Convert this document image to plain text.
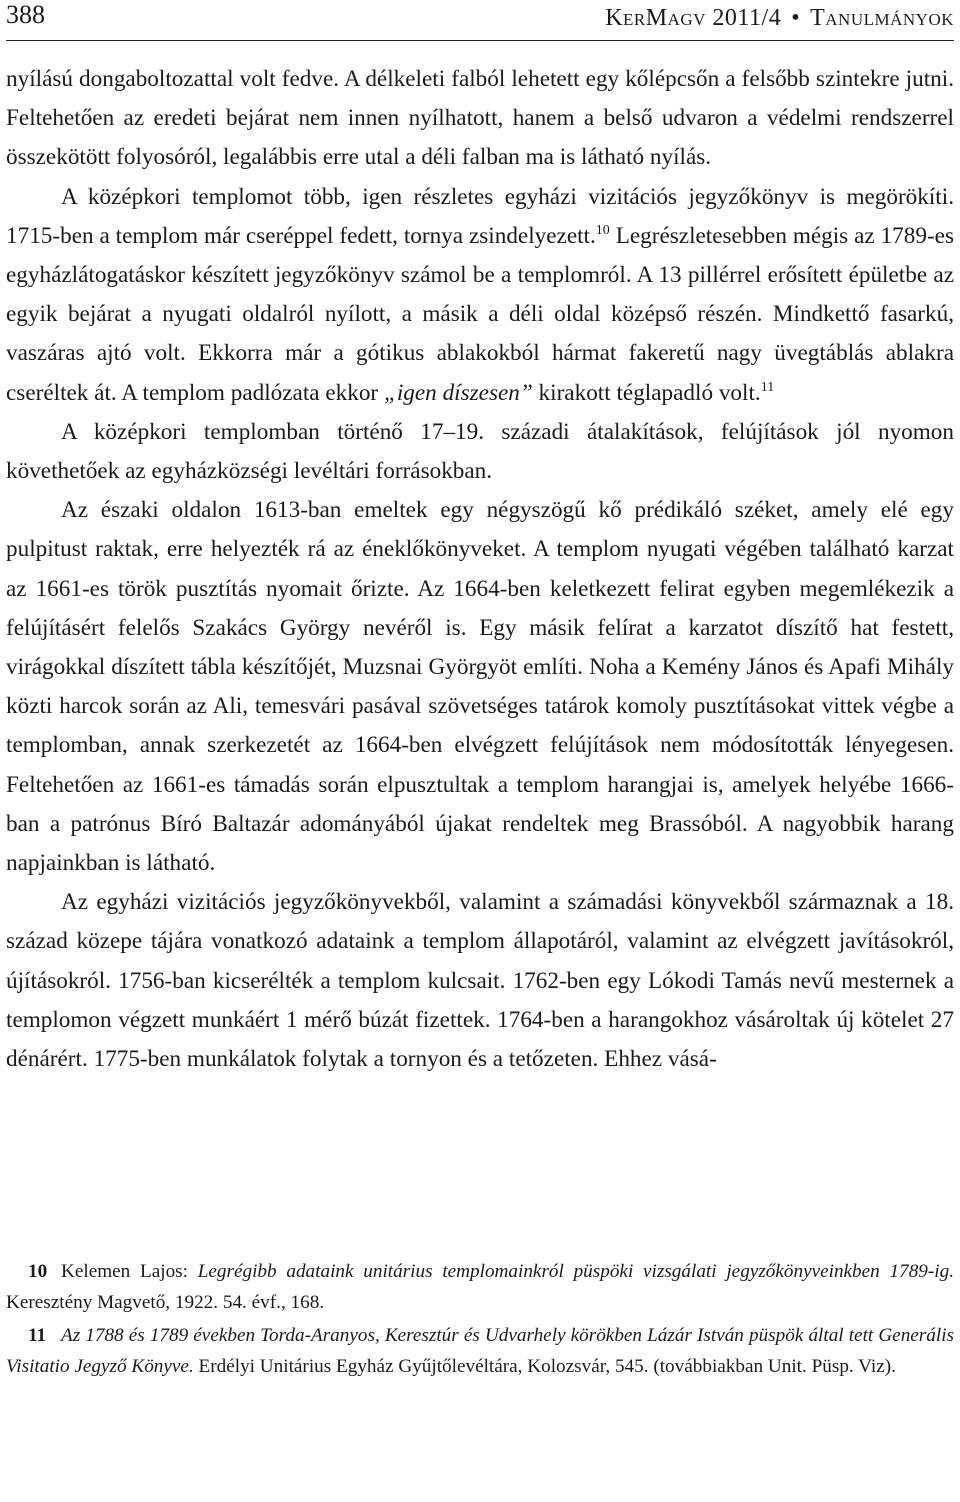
388	KerMagv 2011/4 • Tanulmányok

nyílású dongaboltozattal volt fedve. A délkeleti falból lehetett egy kőlépcsőn a felsőbb szintekre jutni. Feltehetően az eredeti bejárat nem innen nyílhatott, hanem a belső udvaron a védelmi rendszerrel összekötött folyosóról, legalábbis erre utal a déli falban ma is látható nyílás.

A középkori templomot több, igen részletes egyházi vizitációs jegyzőkönyv is megörökíti. 1715-ben a templom már cseréppel fedett, tornya zsindelyezett.$^{10}$ Legrészletesebben mégis az 1789-es egyházlátogatáskor készített jegyzőkönyv számol be a templomról. A 13 pillérrel erősített épületbe az egyik bejárat a nyugati oldalról nyílott, a másik a déli oldal középső részén. Mindkettő fasarkú, vaszáras ajtó volt. Ekkorra már a gótikus ablakokból hármat fakeretű nagy üvegtáblás ablakra cseréltek át. A templom padlózata ekkor „igen díszesen” kirakott téglapadló volt.$^{11}$

A középkori templomban történő 17–19. századi átalakítások, felújítások jól nyomon követhetőek az egyházközségi levéltári forrásokban.

Az északi oldalon 1613-ban emeltek egy négyszögű kő prédikáló széket, amely elé egy pulpitust raktak, erre helyezték rá az éneklőkönyveket. A templom nyugati végében található karzat az 1661-es török pusztítás nyomait őrizte. Az 1664-ben keletkezett felirat egyben megemlékezik a felújításért felelős Szakács György nevéről is. Egy másik felírat a karzatot díszítő hat festett, virágokkal díszített tábla készítőjét, Muzsnai Györgyöt említi. Noha a Kemény János és Apafi Mihály közti harcok során az Ali, temesvári pasával szövetséges tatárok komoly pusztításokat vittek végbe a templomban, annak szerkezetét az 1664-ben elvégzett felújítások nem módosították lényegesen. Feltehetően az 1661-es támadás során elpusztultak a templom harangjai is, amelyek helyébe 1666-ban a patrónus Bíró Baltazár adományából újakat rendeltek meg Brassóból. A nagyobbik harang napjainkban is látható.

Az egyházi vizitációs jegyzőkönyvekből, valamint a számadási könyvekből származnak a 18. század közepe tájára vonatkozó adataink a templom állapotáról, valamint az elvégzett javításokról, újításokról. 1756-ban kicserélték a templom kulcsait. 1762-ben egy Lókodi Tamás nevű mesternek a templomon végzett munkáért 1 mérő búzát fizettek. 1764-ben a harangokhoz vásároltak új kötelet 27 dénárért. 1775-ben munkálatok folytak a tornyon és a tetőzeten. Ehhez vásá-

10 Kelemen Lajos: Legrégibb adataink unitárius templomainkról püspöki vizsgálati jegyzőkönyveinkben 1789-ig. Keresztény Magvető, 1922. 54. évf., 168.

11 Az 1788 és 1789 években Torda-Aranyos, Keresztúr és Udvarhely körökben Lázár István püspök által tett Generális Visitatio Jegyző Könyve. Erdélyi Unitárius Egyház Gyűjtőlevéltára, Kolozsvár, 545. (továbbiakban Unit. Püsp. Viz).
